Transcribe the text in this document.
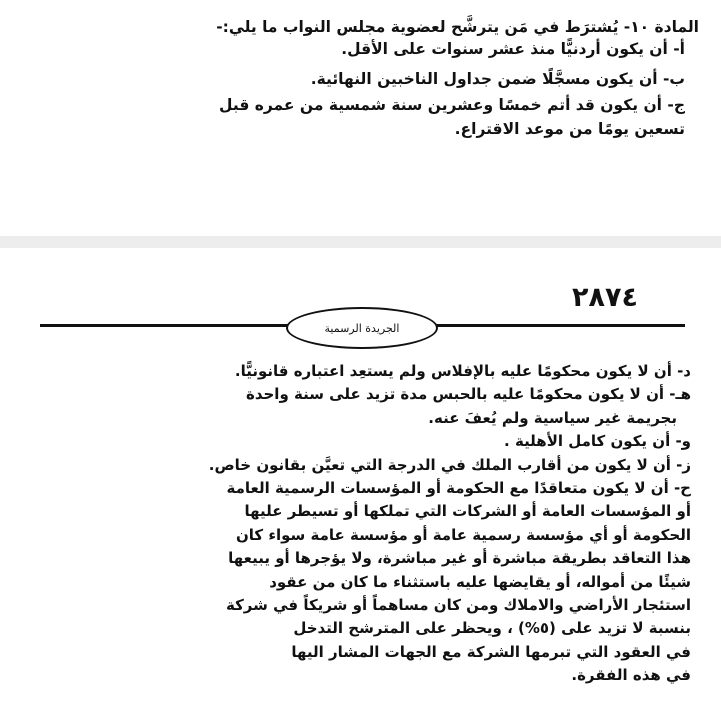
المادة ١٠- يُشترَط في مَن يترشَّح لعضوية مجلس النواب ما يلي:-
أ- أن يكون أردنيًّا منذ عشر سنوات على الأقل.
ب- أن يكون مسجَّلًا ضمن جداول الناخبين النهائية.
ج- أن يكون قد أتم خمسًا وعشرين سنة شمسية من عمره قبل
تسعين يومًا من موعد الاقتراع.
٢٨٧٤
الجريدة الرسمية
د- أن لا يكون محكومًا عليه بالإفلاس ولم يستعِد اعتباره قانونيًّا.
هـ- أن لا يكون محكومًا عليه بالحبس مدة تزيد على سنة واحدة
بجريمة غير سياسية ولم يُعفَ عنه.
و- أن يكون كامل الأهلية .
ز- أن لا يكون من أقارب الملك في الدرجة التي تعيَّن بقانون خاص.
ح- أن لا يكون متعاقدًا مع الحكومة أو المؤسسات الرسمية العامة
أو المؤسسات العامة أو الشركات التي تملكها أو تسيطر عليها
الحكومة أو أي مؤسسة رسمية عامة أو مؤسسة عامة سواء كان
هذا التعاقد بطريقة مباشرة أو غير مباشرة، ولا يؤجرها أو يبيعها
شيئًا من أمواله، أو يقايضها عليه باستثناء ما كان من عقود
استئجار الأراضي والاملاك ومن كان مساهماً أو شريكاً في شركة
بنسبة لا تزيد على (٥%) ، ويحظر على المترشح التدخل
في العقود التي تبرمها الشركة مع الجهات المشار اليها
في هذه الفقرة.
